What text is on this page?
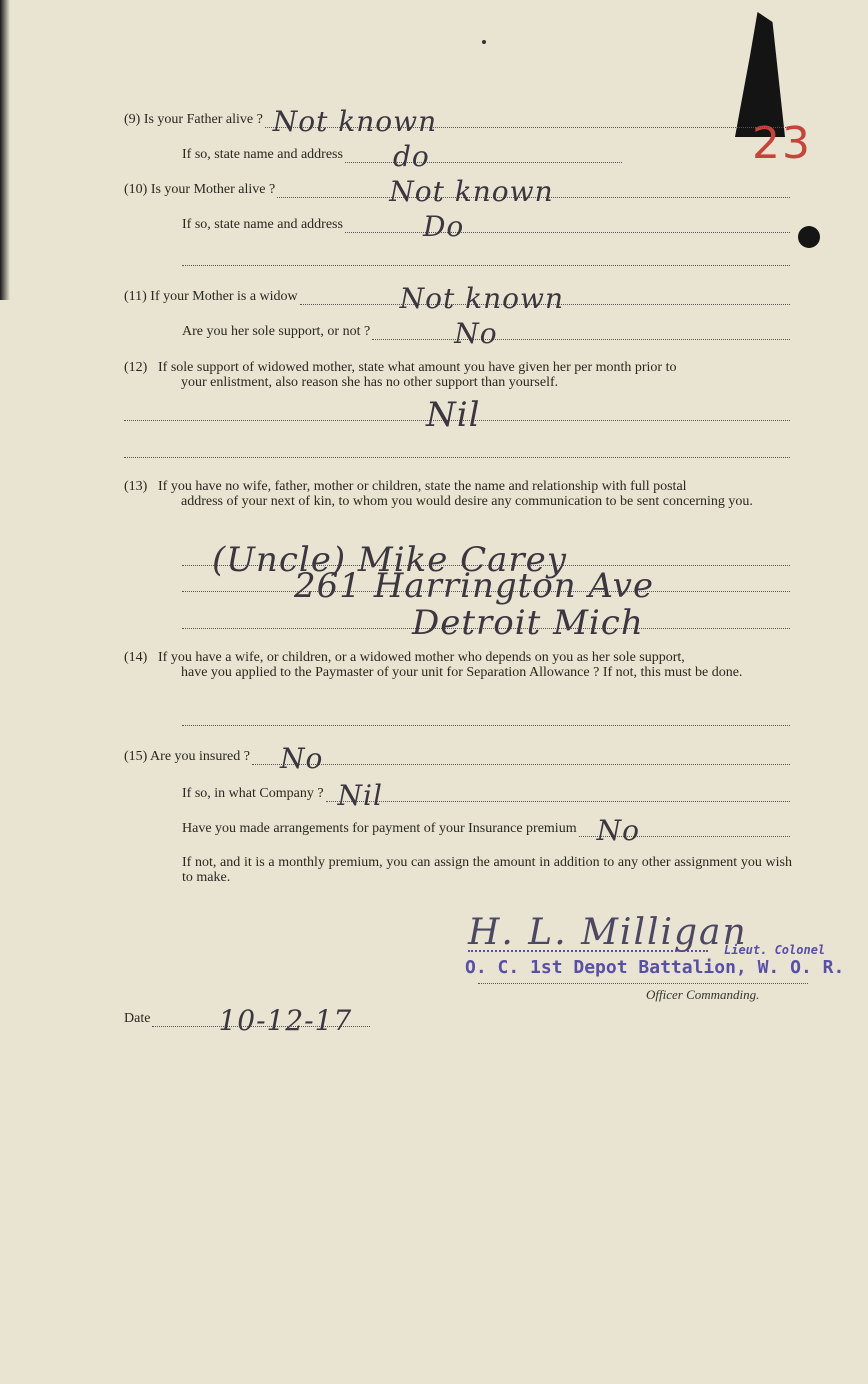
23
(9) Is your Father alive ? Not known
If so, state name and address do
(10) Is your Mother alive ?	Not known
If so, state name and address	Do
(11) If your Mother is a widow	Not known
Are you her sole support, or not ?	No
(12) If sole support of widowed mother, state what amount you have given her per month prior to
your enlistment, also reason she has no other support than yourself.
Nil
(13) If you have no wife, father, mother or children, state the name and relationship with full postal
address of your next of kin, to whom you would desire any communication to be sent concerning you.
(Uncle) Mike Carey
261 Harrington Ave
Detroit Mich
(14) If you have a wife, or children, or a widowed mother who depends on you as her sole support,
have you applied to the Paymaster of your unit for Separation Allowance ? If not, this must be done.
(15) Are you insured ? No
If so, in what Company ? Nil
Have you made arrangements for payment of your Insurance premium No
If not, and it is a monthly premium, you can assign the amount in addition to any other assignment you wish to make.
H. L. Milligan
Lieut. Colonel
O. C. 1st Depot Battalion, W. O. R.
Officer Commanding.
Date 10-12-17
